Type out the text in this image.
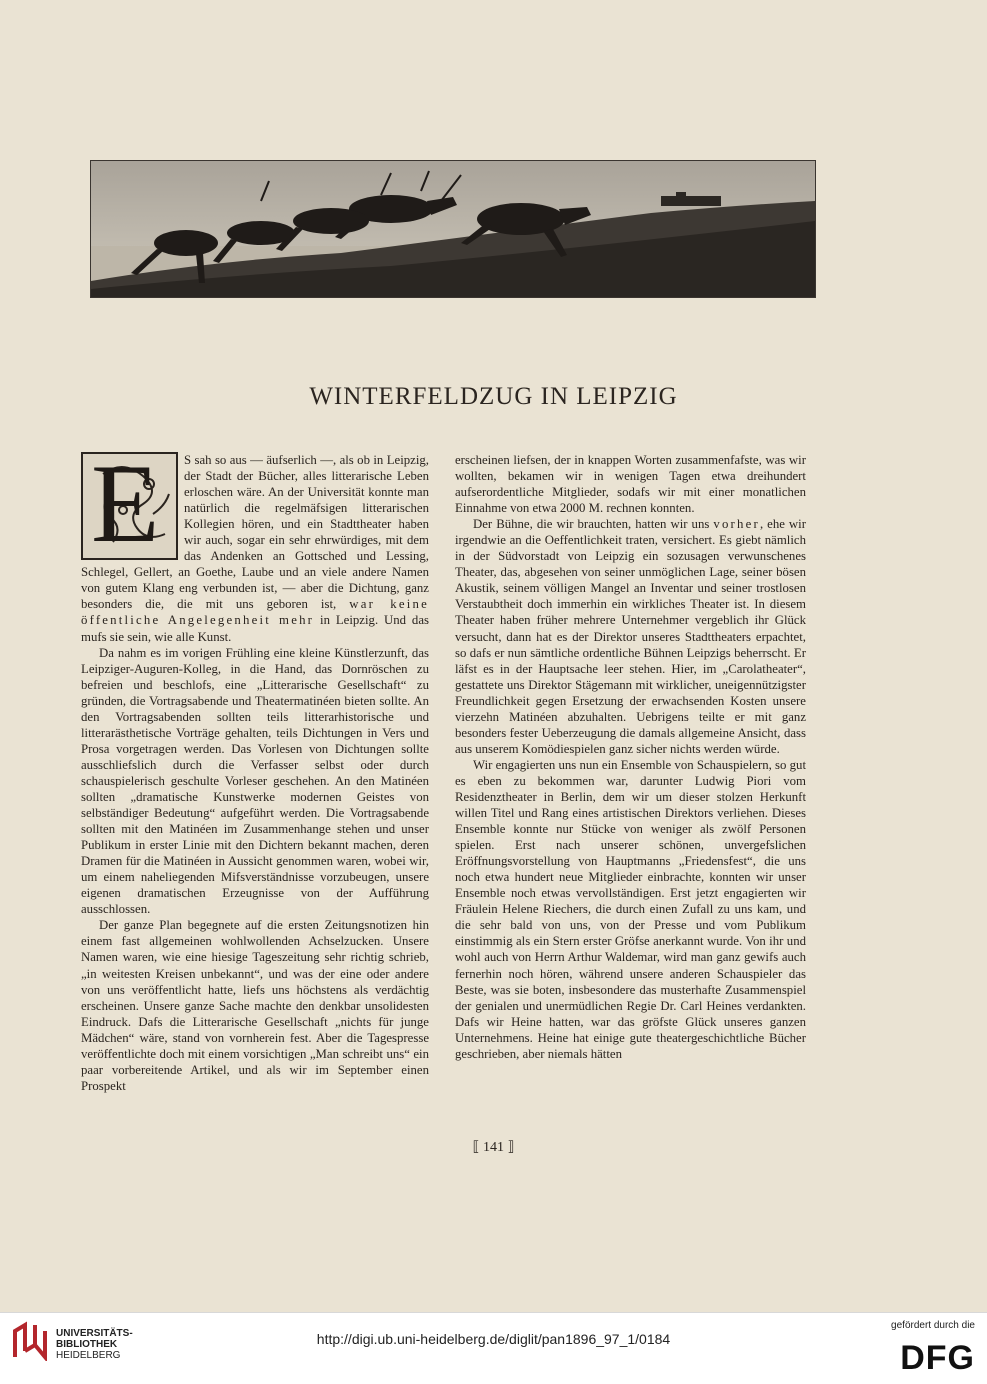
WINTERFELDZUG IN LEIPZIG
E	S sah so aus — äufserlich —, als ob in Leipzig, der Stadt der Bücher, alles litterarische Leben erloschen wäre. An der Universität konnte man natürlich die regelmäfsigen litterarischen Kollegien hören, und ein Stadttheater haben wir auch, sogar ein sehr ehrwürdiges, mit dem das Andenken an Gottsched und Lessing, Schlegel, Gellert, an Goethe, Laube und an viele andere Namen von gutem Klang eng verbunden ist, — aber die Dichtung, ganz besonders die, die mit uns geboren ist, war keine öffentliche Angelegenheit mehr in Leipzig. Und das mufs sie sein, wie alle Kunst.

Da nahm es im vorigen Frühling eine kleine Künstlerzunft, das Leipziger-Auguren-Kolleg, in die Hand, das Dornröschen zu befreien und beschlofs, eine „Litterarische Gesellschaft“ zu gründen, die Vortragsabende und Theatermatinéen bieten sollte. An den Vortragsabenden sollten teils litterarhistorische und litterarästhetische Vorträge gehalten, teils Dichtungen in Vers und Prosa vorgetragen werden. Das Vorlesen von Dichtungen sollte ausschliefslich durch die Verfasser selbst oder durch schauspielerisch geschulte Vorleser geschehen. An den Matinéen sollten „dramatische Kunstwerke modernen Geistes von selbständiger Bedeutung“ aufgeführt werden. Die Vortragsabende sollten mit den Matinéen im Zusammenhange stehen und unser Publikum in erster Linie mit den Dichtern bekannt machen, deren Dramen für die Matinéen in Aussicht genommen waren, wobei wir, um einem naheliegenden Mifsverständnisse vorzubeugen, unsere eigenen dramatischen Erzeugnisse von der Aufführung ausschlossen.

Der ganze Plan begegnete auf die ersten Zeitungsnotizen hin einem fast allgemeinen wohlwollenden Achselzucken. Unsere Namen waren, wie eine hiesige Tageszeitung sehr richtig schrieb, „in weitesten Kreisen unbekannt“, und was der eine oder andere von uns veröffentlicht hatte, liefs uns höchstens als verdächtig erscheinen. Unsere ganze Sache machte den denkbar unsolidesten Eindruck. Dafs die Litterarische Gesellschaft „nichts für junge Mädchen“ wäre, stand von vornherein fest. Aber die Tagespresse veröffentlichte doch mit einem vorsichtigen „Man schreibt uns“ ein paar vorbereitende Artikel, und als wir im September einen Prospekt

erscheinen liefsen, der in knappen Worten zusammenfafste, was wir wollten, bekamen wir in wenigen Tagen etwa dreihundert aufserordentliche Mitglieder, sodafs wir mit einer monatlichen Einnahme von etwa 2000 M. rechnen konnten.

Der Bühne, die wir brauchten, hatten wir uns vorher, ehe wir irgendwie an die Oeffentlichkeit traten, versichert. Es giebt nämlich in der Südvorstadt von Leipzig ein sozusagen verwunschenes Theater, das, abgesehen von seiner unmöglichen Lage, seiner bösen Akustik, seinem völligen Mangel an Inventar und seiner trostlosen Verstaubtheit doch immerhin ein wirkliches Theater ist. In diesem Theater haben früher mehrere Unternehmer vergeblich ihr Glück versucht, dann hat es der Direktor unseres Stadttheaters erpachtet, so dafs er nun sämtliche ordentliche Bühnen Leipzigs beherrscht. Er läfst es in der Hauptsache leer stehen. Hier, im „Carolatheater“, gestattete uns Direktor Stägemann mit wirklicher, uneigennützigster Freundlichkeit gegen Ersetzung der erwachsenden Kosten unsere vierzehn Matinéen abzuhalten. Uebrigens teilte er mit ganz besonders fester Ueberzeugung die damals allgemeine Ansicht, dass aus unserem Komödiespielen ganz sicher nichts werden würde.

Wir engagierten uns nun ein Ensemble von Schauspielern, so gut es eben zu bekommen war, darunter Ludwig Piori vom Residenztheater in Berlin, dem wir um dieser stolzen Herkunft willen Titel und Rang eines artistischen Direktors verliehen. Dieses Ensemble konnte nur Stücke von weniger als zwölf Personen spielen. Erst nach unserer schönen, unvergefslichen Eröffnungsvorstellung von Hauptmanns „Friedensfest“, die uns noch etwa hundert neue Mitglieder einbrachte, konnten wir unser Ensemble noch etwas vervollständigen. Erst jetzt engagierten wir Fräulein Helene Riechers, die durch einen Zufall zu uns kam, und die sehr bald von uns, von der Presse und vom Publikum einstimmig als ein Stern erster Gröfse anerkannt wurde. Von ihr und wohl auch von Herrn Arthur Waldemar, wird man ganz gewifs auch fernerhin noch hören, während unsere anderen Schauspieler das Beste, was sie boten, insbesondere das musterhafte Zusammenspiel der genialen und unermüdlichen Regie Dr. Carl Heines verdankten. Dafs wir Heine hatten, war das gröfste Glück unseres ganzen Unternehmens. Heine hat einige gute theatergeschichtliche Bücher geschrieben, aber niemals hätten

⟦ 141 ⟧
UNIVERSITÄTS-
BIBLIOTHEK
HEIDELBERG
http://digi.ub.uni-heidelberg.de/diglit/pan1896_97_1/0184
gefördert durch die
DFG
